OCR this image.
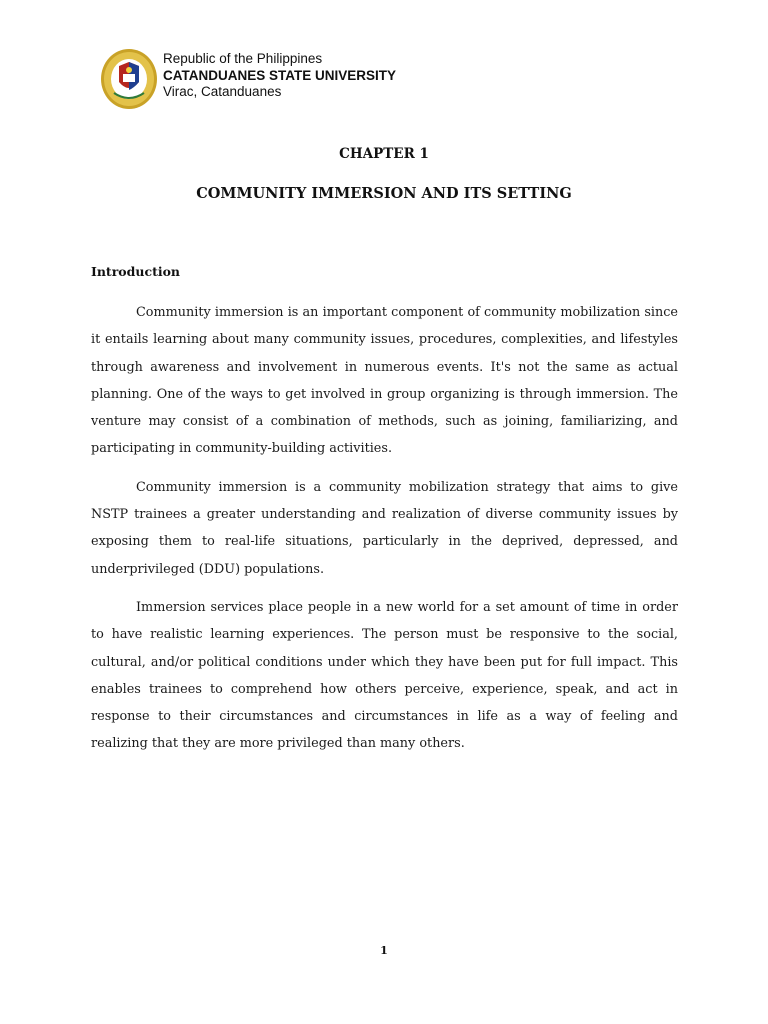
Republic of the Philippines
CATANDUANES STATE UNIVERSITY
Virac, Catanduanes
CHAPTER 1
COMMUNITY IMMERSION AND ITS SETTING
Introduction

Community immersion is an important component of community mobilization since it entails learning about many community issues, procedures, complexities, and lifestyles through awareness and involvement in numerous events. It's not the same as actual planning. One of the ways to get involved in group organizing is through immersion. The venture may consist of a combination of methods, such as joining, familiarizing, and participating in community-building activities.

Community immersion is a community mobilization strategy that aims to give NSTP trainees a greater understanding and realization of diverse community issues by exposing them to real-life situations, particularly in the deprived, depressed, and underprivileged (DDU) populations.

Immersion services place people in a new world for a set amount of time in order to have realistic learning experiences. The person must be responsive to the social, cultural, and/or political conditions under which they have been put for full impact. This enables trainees to comprehend how others perceive, experience, speak, and act in response to their circumstances and circumstances in life as a way of feeling and realizing that they are more privileged than many others.

1
